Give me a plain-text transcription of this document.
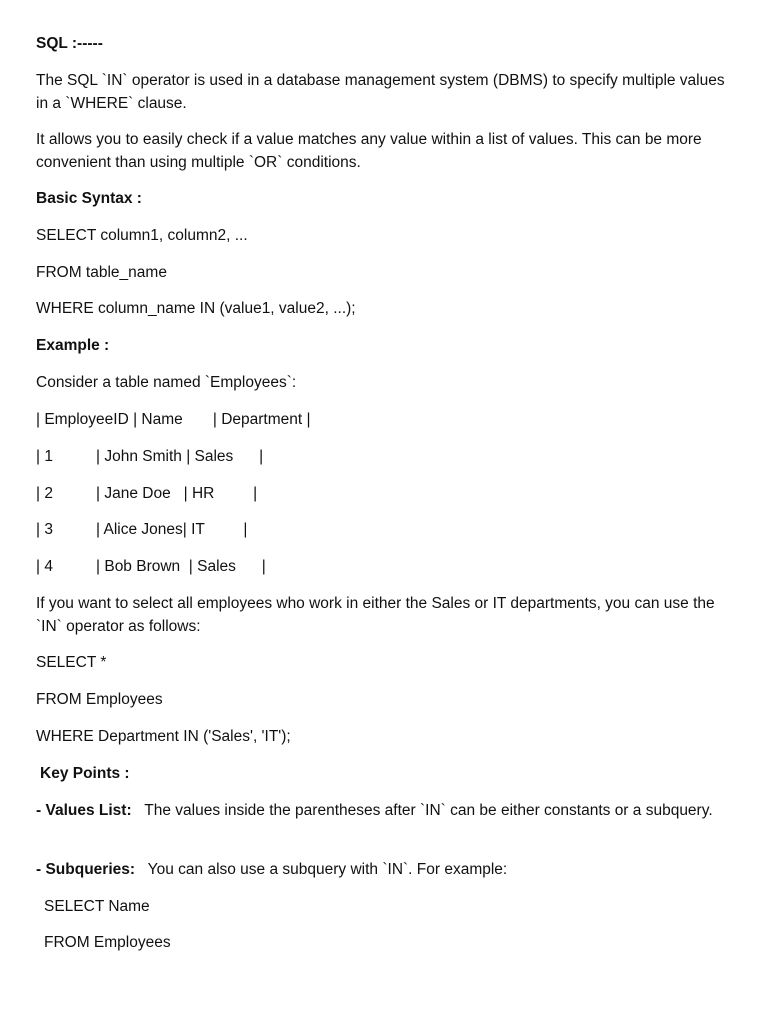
SQL :-----
The SQL `IN` operator is used in a database management system (DBMS) to specify multiple values in a `WHERE` clause.
It allows you to easily check if a value matches any value within a list of values. This can be more convenient than using multiple `OR` conditions.
Basic Syntax :
SELECT column1, column2, ...
FROM table_name
WHERE column_name IN (value1, value2, ...);
Example :
Consider a table named `Employees`:
| EmployeeID | Name       | Department |
| 1          | John Smith | Sales      |
| 2          | Jane Doe   | HR         |
| 3          | Alice Jones| IT         |
| 4          | Bob Brown  | Sales      |
If you want to select all employees who work in either the Sales or IT departments, you can use the `IN` operator as follows:
SELECT *
FROM Employees
WHERE Department IN ('Sales', 'IT');
Key Points :
- Values List:   The values inside the parentheses after `IN` can be either constants or a subquery.
- Subqueries:   You can also use a subquery with `IN`. For example:
SELECT Name
FROM Employees
